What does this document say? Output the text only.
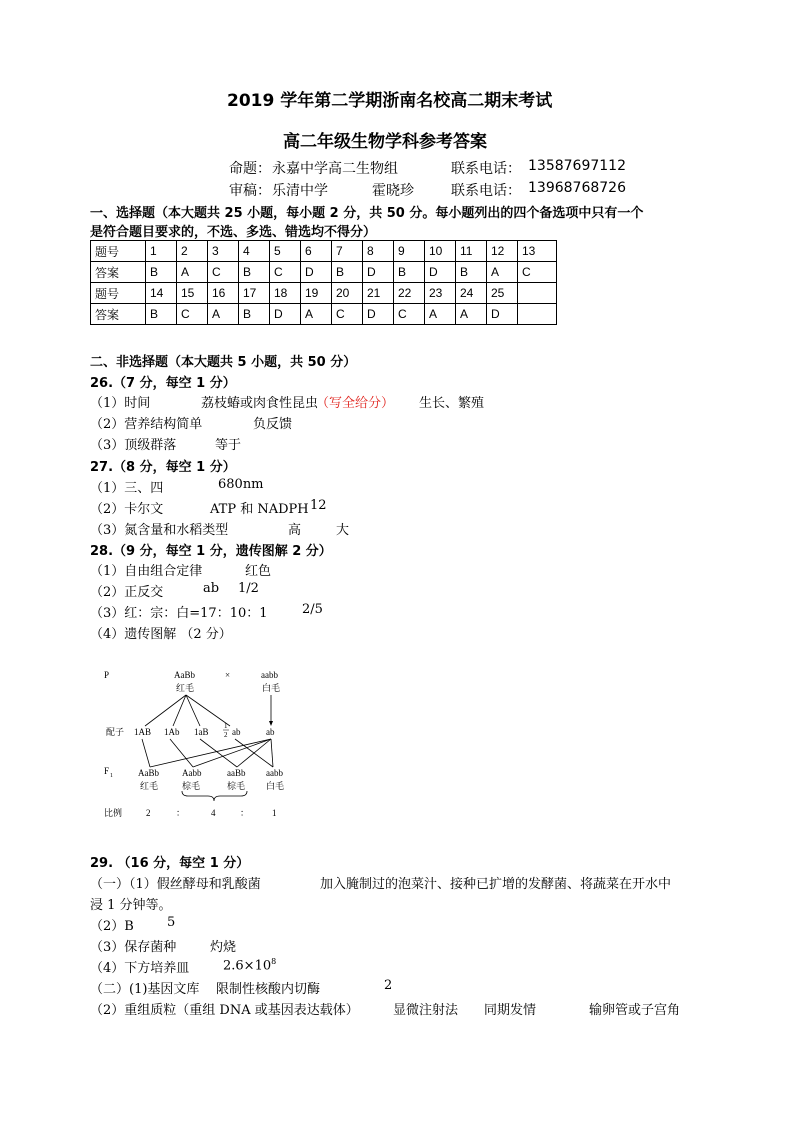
2019 学年第二学期浙南名校高二期末考试
高二年级生物学科参考答案
命题： 永嘉中学高二生物组	联系电话： 13587697112
审稿： 乐清中学	霍晓珍	联系电话： 13968768726
一、选择题（本大题共 25 小题，每小题 2 分，共 50 分。每小题列出的四个备选项中只有一个
是符合题目要求的，不选、多选、错选均不得分）
题号	1	2	3	4	5	6	7	8	9	10	11	12	13
答案	B	A	C	B	C	D	B	D	B	D	B	A	C
题号	14	15	16	17	18	19	20	21	22	23	24	25	
答案	B	C	A	B	D	A	C	D	C	A	A	D	
二、非选择题（本大题共 5 小题，共 50 分）
26.（7 分，每空 1 分）
（1）时间	荔枝蝽或肉食性昆虫
（写全给分） 生长、繁殖
（2）营养结构简单	负反馈
（3）顶级群落	等于
27.（8 分，每空 1 分）
（1）三、四	680nm
（2）卡尔文	ATP 和 NADPH 12
（3）氮含量和水稻类型	高	大
28.（9 分，每空 1 分，遗传图解 2 分）
（1）自由组合定律	红色
（2）正反交	ab 1/2
（3）红：宗：白=17：10：1	2/5
（4）遗传图解 （2 分）
P	AaBb
红毛
×	aabb
白毛
配子 1AB 1Ab 1aB
1
2 ab	ab
F 1	AaBb
红毛
Aabb
棕毛
aaBb
棕毛
aabb
白毛
比例	2	：	4	：	1
29. （16 分，每空 1 分）
（一）（1）假丝酵母和乳酸菌	加入腌制过的泡菜汁、接种已扩增的发酵菌、将蔬菜在开水中
浸 1 分钟等。
（2）B	5
（3）保存菌种	灼烧
（4）下方培养皿	$2.6\times 10^8$
（二）(1)基因文库 限制性核酸内切酶	2
（2）重组质粒（重组 DNA 或基因表达载体）	显微注射法 同期发情	输卵管或子宫角
